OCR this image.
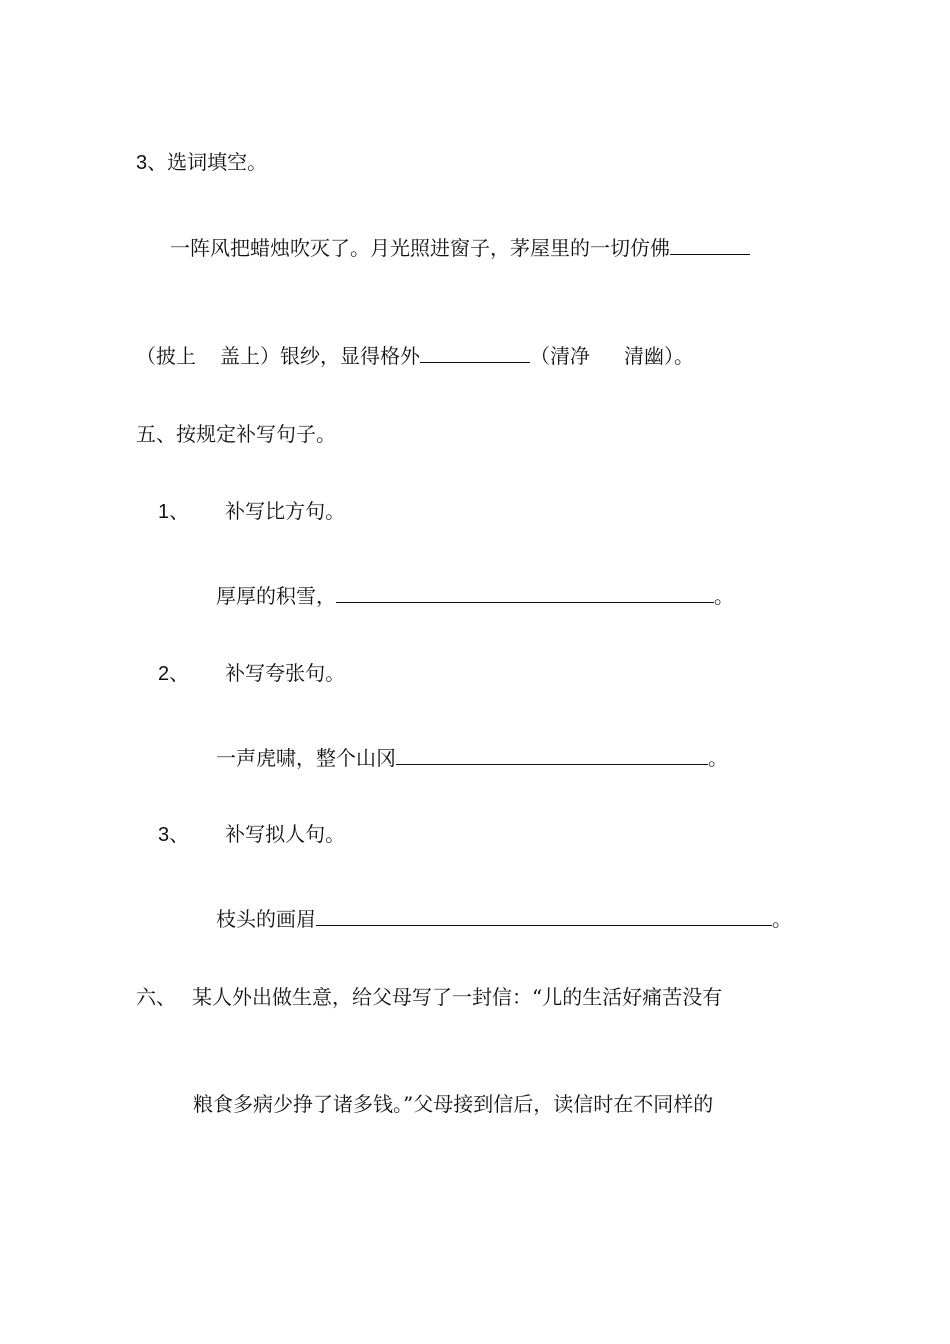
3、选词填空。
一阵风把蜡烛吹灭了。月光照进窗子，茅屋里的一切仿佛
（披上 盖上）银纱，显得格外	（清净 清幽）。
五、按规定补写句子。
1、 补写比方句。
厚厚的积雪，	。
2、 补写夸张句。
一声虎啸，整个山冈	。
3、 补写拟人句。
枝头的画眉	。
六、 某人外出做生意，给父母写了一封信：“儿的生活好痛苦没有
粮食多病少挣了诸多钱。”父母接到信后，读信时在不同样的
